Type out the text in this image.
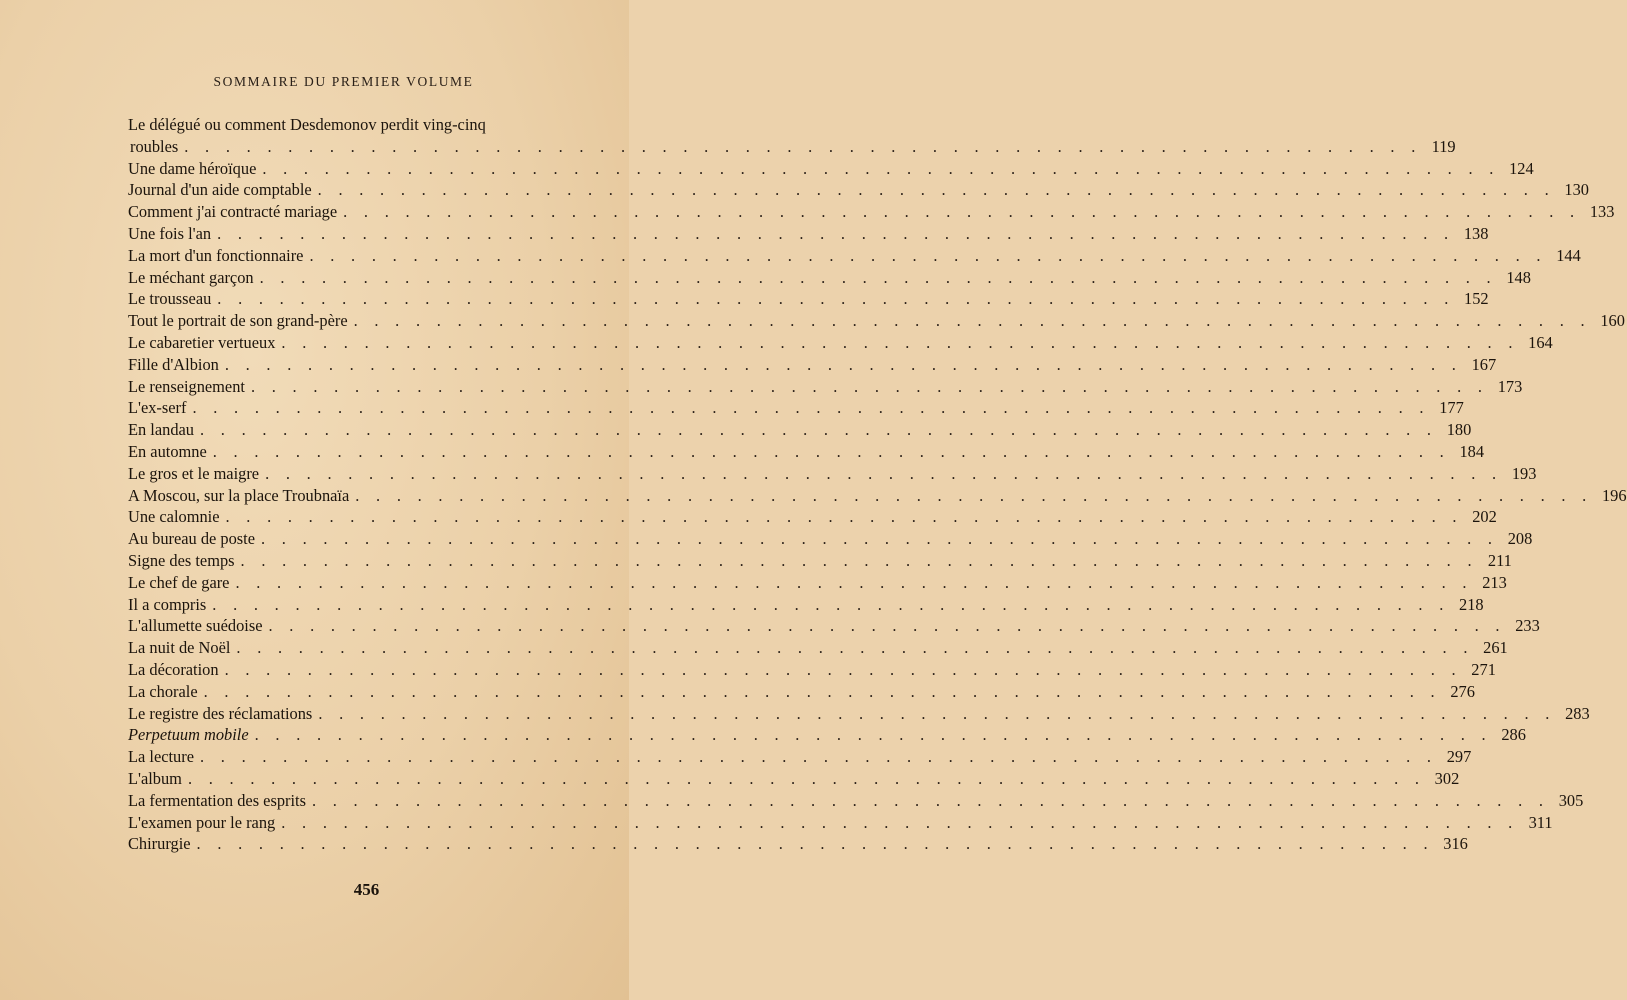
SOMMAIRE DU PREMIER VOLUME
Le délégué ou comment Desdemonov perdit ving-cinq
roubles . . . . . . . . . . . . . . . . . . . . . . . . . . . . . . . . . . . . . . . . . . . . . . . . . . . . . . . . . . . . 119
Une dame héroïque . . . . . . . . . . . . . . . . . . . . . . . . . . . . . . . . . . . . . . . . . . . . . . . . . . . . . . . . . . . . 124
Journal d'un aide comptable . . . . . . . . . . . . . . . . . . . . . . . . . . . . . . . . . . . . . . . . . . . . . . . . . . . . . . . . . . . . 130
Comment j'ai contracté mariage . . . . . . . . . . . . . . . . . . . . . . . . . . . . . . . . . . . . . . . . . . . . . . . . . . . . . . . . . . . . 133
Une fois l'an . . . . . . . . . . . . . . . . . . . . . . . . . . . . . . . . . . . . . . . . . . . . . . . . . . . . . . . . . . . . 138
La mort d'un fonctionnaire . . . . . . . . . . . . . . . . . . . . . . . . . . . . . . . . . . . . . . . . . . . . . . . . . . . . . . . . . . . . 144
Le méchant garçon . . . . . . . . . . . . . . . . . . . . . . . . . . . . . . . . . . . . . . . . . . . . . . . . . . . . . . . . . . . . 148
Le trousseau . . . . . . . . . . . . . . . . . . . . . . . . . . . . . . . . . . . . . . . . . . . . . . . . . . . . . . . . . . . . 152
Tout le portrait de son grand-père . . . . . . . . . . . . . . . . . . . . . . . . . . . . . . . . . . . . . . . . . . . . . . . . . . . . . . . . . . . . 160
Le cabaretier vertueux . . . . . . . . . . . . . . . . . . . . . . . . . . . . . . . . . . . . . . . . . . . . . . . . . . . . . . . . . . . . 164
Fille d'Albion . . . . . . . . . . . . . . . . . . . . . . . . . . . . . . . . . . . . . . . . . . . . . . . . . . . . . . . . . . . . 167
Le renseignement . . . . . . . . . . . . . . . . . . . . . . . . . . . . . . . . . . . . . . . . . . . . . . . . . . . . . . . . . . . . 173
L'ex-serf . . . . . . . . . . . . . . . . . . . . . . . . . . . . . . . . . . . . . . . . . . . . . . . . . . . . . . . . . . . . 177
En landau . . . . . . . . . . . . . . . . . . . . . . . . . . . . . . . . . . . . . . . . . . . . . . . . . . . . . . . . . . . . 180
En automne . . . . . . . . . . . . . . . . . . . . . . . . . . . . . . . . . . . . . . . . . . . . . . . . . . . . . . . . . . . . 184
Le gros et le maigre . . . . . . . . . . . . . . . . . . . . . . . . . . . . . . . . . . . . . . . . . . . . . . . . . . . . . . . . . . . . 193
A Moscou, sur la place Troubnaïa . . . . . . . . . . . . . . . . . . . . . . . . . . . . . . . . . . . . . . . . . . . . . . . . . . . . . . . . . . . . 196
Une calomnie . . . . . . . . . . . . . . . . . . . . . . . . . . . . . . . . . . . . . . . . . . . . . . . . . . . . . . . . . . . . 202
Au bureau de poste . . . . . . . . . . . . . . . . . . . . . . . . . . . . . . . . . . . . . . . . . . . . . . . . . . . . . . . . . . . . 208
Signe des temps . . . . . . . . . . . . . . . . . . . . . . . . . . . . . . . . . . . . . . . . . . . . . . . . . . . . . . . . . . . . 211
Le chef de gare . . . . . . . . . . . . . . . . . . . . . . . . . . . . . . . . . . . . . . . . . . . . . . . . . . . . . . . . . . . . 213
Il a compris . . . . . . . . . . . . . . . . . . . . . . . . . . . . . . . . . . . . . . . . . . . . . . . . . . . . . . . . . . . . 218
L'allumette suédoise . . . . . . . . . . . . . . . . . . . . . . . . . . . . . . . . . . . . . . . . . . . . . . . . . . . . . . . . . . . . 233
La nuit de Noël . . . . . . . . . . . . . . . . . . . . . . . . . . . . . . . . . . . . . . . . . . . . . . . . . . . . . . . . . . . . 261
La décoration . . . . . . . . . . . . . . . . . . . . . . . . . . . . . . . . . . . . . . . . . . . . . . . . . . . . . . . . . . . . 271
La chorale . . . . . . . . . . . . . . . . . . . . . . . . . . . . . . . . . . . . . . . . . . . . . . . . . . . . . . . . . . . . 276
Le registre des réclamations . . . . . . . . . . . . . . . . . . . . . . . . . . . . . . . . . . . . . . . . . . . . . . . . . . . . . . . . . . . . 283
Perpetuum mobile . . . . . . . . . . . . . . . . . . . . . . . . . . . . . . . . . . . . . . . . . . . . . . . . . . . . . . . . . . . . 286
La lecture . . . . . . . . . . . . . . . . . . . . . . . . . . . . . . . . . . . . . . . . . . . . . . . . . . . . . . . . . . . . 297
L'album . . . . . . . . . . . . . . . . . . . . . . . . . . . . . . . . . . . . . . . . . . . . . . . . . . . . . . . . . . . . 302
La fermentation des esprits . . . . . . . . . . . . . . . . . . . . . . . . . . . . . . . . . . . . . . . . . . . . . . . . . . . . . . . . . . . . 305
L'examen pour le rang . . . . . . . . . . . . . . . . . . . . . . . . . . . . . . . . . . . . . . . . . . . . . . . . . . . . . . . . . . . . 311
Chirurgie . . . . . . . . . . . . . . . . . . . . . . . . . . . . . . . . . . . . . . . . . . . . . . . . . . . . . . . . . . . . 316
456
